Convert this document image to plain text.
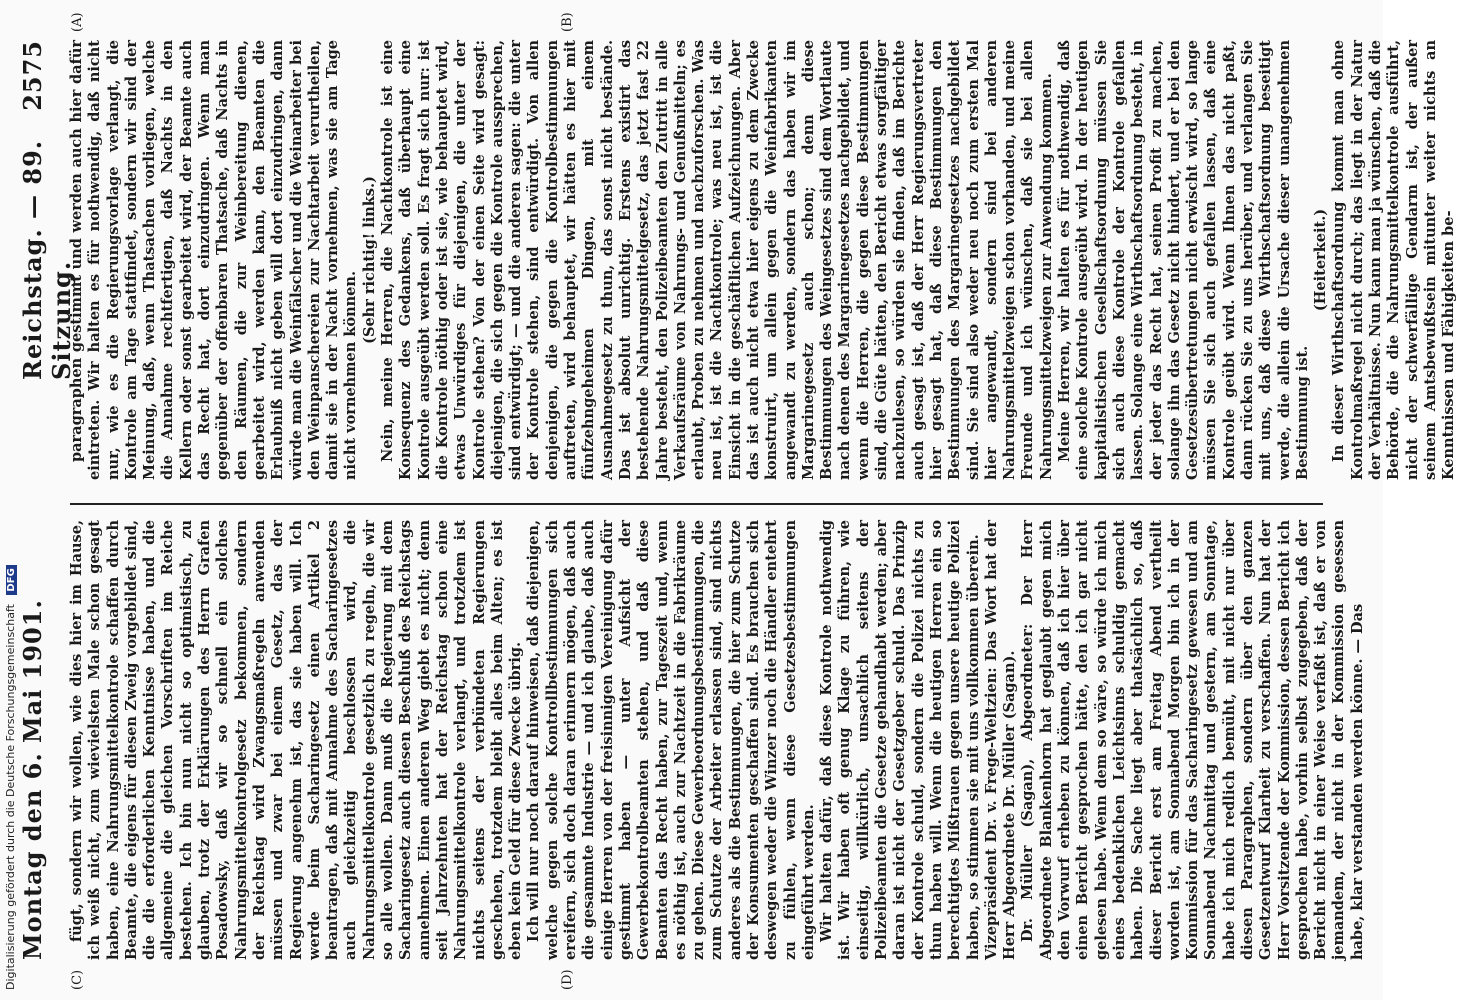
Montag den 6. Mai 1901.
Reichstag. — 89. Sitzung.
2575
(C)	(D)
(A)	(B)

fügt, sondern wir wollen, wie dies hier im Hause, ich weiß nicht, zum wievielsten Male schon gesagt haben, eine Nahrungsmittelkontrole schaffen durch Beamte, die eigens für diesen Zweig vorgebildet sind, die die erforderlichen Kenntnisse haben, und die allgemeine die gleichen Vorschriften im Reiche bestehen. Ich bin nun nicht so optimistisch, zu glauben, trotz der Erklärungen des Herrn Grafen Posadowsky, daß wir so schnell ein solches Nahrungsmittelkontrolgesetz bekommen, sondern der Reichstag wird Zwangsmaßregeln anwenden müssen und zwar bei einem Gesetz, das der Regierung angenehm ist, das sie haben will. Ich werde beim Sacharingesetz einen Artikel 2 beantragen, daß mit Annahme des Sacharingesetzes auch gleichzeitig beschlossen wird, die Nahrungsmittelkontrole gesetzlich zu regeln, die wir so alle wollen. Dann muß die Regierung mit dem Sacharingesetz auch diesen Beschluß des Reichstags annehmen. Einen anderen Weg giebt es nicht; denn seit Jahrzehnten hat der Reichstag schon eine Nahrungsmittelkontrole verlangt, und trotzdem ist nichts seitens der verbündeten Regierungen geschehen, trotzdem bleibt alles beim Alten; es ist eben kein Geld für diese Zwecke übrig. Ich will nur noch darauf hinweisen, daß diejenigen, welche gegen solche Kontrollbestimmungen sich ereifern, sich doch daran erinnern mögen, daß auch die gesammte Industrie — und ich glaube, daß auch einige Herren von der freisinnigen Vereinigung dafür gestimmt haben — unter Aufsicht der Gewerbekontrolbeamten stehen, und daß diese Beamten das Recht haben, zur Tageszeit und, wenn es nöthig ist, auch zur Nachtzeit in die Fabrikräume zu gehen. Diese Gewerbeordnungsbestimmungen, die zum Schutze der Arbeiter erlassen sind, sind nichts anderes als die Bestimmungen, die hier zum Schutze der Konsumenten geschaffen sind. Es brauchen sich deswegen weder die Winzer noch die Händler entehrt zu fühlen, wenn diese Gesetzesbestimmungen eingeführt werden. Wir halten dafür, daß diese Kontrole nothwendig ist. Wir haben oft genug Klage zu führen, wie einseitig, willkürlich, unsachlich seitens der Polizeibeamten die Gesetze gehandhabt werden; aber daran ist nicht der Gesetzgeber schuld. Das Prinzip der Kontrole schuld, sondern die Polizei nichts zu thun haben will. Wenn die heutigen Herren ein so berechtigtes Mißtrauen gegen unsere heutige Polizei haben, so stimmen sie mit uns vollkommen überein. Vizepräsident Dr. v. Frege-Weltzien: Das Wort hat der Herr Abgeordnete Dr. Müller (Sagan). Dr. Müller (Sagan), Abgeordneter: Der Herr Abgeordnete Blankenhorn hat geglaubt gegen mich den Vorwurf erheben zu können, daß ich hier über einen Bericht gesprochen hätte, den ich gar nicht gelesen habe. Wenn dem so wäre, so würde ich mich eines bedenklichen Leichtsinns schuldig gemacht haben. Die Sache liegt aber thatsächlich so, daß dieser Bericht erst am Freitag Abend vertheilt worden ist, am Sonnabend Morgen bin ich in der Kommission für das Sacharingesetz gewesen und am Sonnabend Nachmittag und gestern, am Sonntage, habe ich mich redlich bemüht, mit nicht nur über diesen Paragraphen, sondern über den ganzen Gesetzentwurf Klarheit zu verschaffen. Nun hat der Herr Vorsitzende der Kommission, dessen Bericht ich gesprochen habe, vorhin selbst zugegeben, daß der Bericht nicht in einer Weise verfaßt ist, daß er von jemandem, der nicht in der Kommission gesessen habe, klar verstanden werden könne. — Das

paragraphen gestimmt und werden auch hier dafür eintreten. Wir halten es für nothwendig, daß nicht nur, wie es die Regierungsvorlage verlangt, die Kontrole am Tage stattfindet, sondern wir sind der Meinung, daß, wenn Thatsachen vorliegen, welche die Annahme rechtfertigen, daß Nachts in den Kellern oder sonst gearbeitet wird, der Beamte auch das Recht hat, dort einzudringen. Wenn man gegenüber der offenbaren Thatsache, daß Nachts in den Räumen, die zur Weinbereitung dienen, gearbeitet wird, werden kann, den Beamten die Erlaubniß nicht geben will dort einzudringen, dann würde man die Weinfälscher und die Weinarbeiter bei den Weinpanschereien zur Nachtarbeit verurtheilen, damit sie in der Nacht vornehmen, was sie am Tage nicht vornehmen können.

(Sehr richtig! links.) Nein, meine Herren, die Nachtkontrole ist eine Konsequenz des Gedankens, daß überhaupt eine Kontrole ausgeübt werden soll. Es fragt sich nur: ist die Kontrole nöthig oder ist sie, wie behauptet wird, etwas Unwürdiges für diejenigen, die unter der Kontrole stehen? Von der einen Seite wird gesagt: diejenigen, die sich gegen die Kontrole aussprechen, sind entwürdigt; — und die anderen sagen: die unter der Kontrole stehen, sind entwürdigt. Von allen denjenigen, die gegen die Kontrolbestimmungen auftreten, wird behauptet, wir hätten es hier mit fünfzehngeheimen Dingen, mit einem Ausnahmegesetz zu thun, das sonst nicht bestände. Das ist absolut unrichtig. Erstens existirt das bestehende Nahrungsmittelgesetz, das jetzt fast 22 Jahre besteht, den Polizeibeamten den Zutritt in alle Verkaufsräume von Nahrungs- und Genußmitteln; es erlaubt, Proben zu nehmen und nachzuforschen. Was neu ist, ist die Nachtkontrole; was neu ist, ist die Einsicht in die geschäftlichen Aufzeichnungen. Aber das ist auch nicht etwa hier eigens zu dem Zwecke konstruirt, um allein gegen die Weinfabrikanten angewandt zu werden, sondern das haben wir im Margarinegesetz auch schon; denn diese Bestimmungen des Weingesetzes sind dem Wortlaute nach denen des Margarinegesetzes nachgebildet, und wenn die Herren, die gegen diese Bestimmungen sind, die Güte hätten, den Bericht etwas sorgfältiger nachzulesen, so würden sie finden, daß im Berichte auch gesagt ist, daß der Herr Regierungsvertreter hier gesagt hat, daß diese Bestimmungen den Bestimmungen des Margarinegesetzes nachgebildet sind. Sie sind also weder neu noch zum ersten Mal hier angewandt, sondern sind bei anderen Nahrungsmittelzweigen schon vorhanden, und meine Freunde und ich wünschen, daß sie bei allen Nahrungsmittelzweigen zur Anwendung kommen. Meine Herren, wir halten es für nothwendig, daß eine solche Kontrole ausgeübt wird. In der heutigen kapitalistischen Gesellschaftsordnung müssen Sie sich auch diese Kontrole der Kontrole gefallen lassen. Solange eine Wirthschaftsordnung besteht, in der jeder das Recht hat, seinen Profit zu machen, solange ihn das Gesetz nicht hindert, und er bei den Gesetzesübertretungen nicht erwischt wird, so lange müssen Sie sich auch gefallen lassen, daß eine Kontrole geübt wird. Wenn Ihnen das nicht paßt, dann rücken Sie zu uns herüber, und verlangen Sie mit uns, daß diese Wirthschaftsordnung beseitigt werde, die allein die Ursache dieser unangenehmen Bestimmung ist.

(Heiterkeit.) In dieser Wirthschaftsordnung kommt man ohne Kontrolmaßregel nicht durch; das liegt in der Natur der Verhältnisse. Nun kann man ja wünschen, daß die Behörde, die die Nahrungsmittelkontrole ausführt, nicht der schwerfällige Gendarm ist, der außer seinem Amtsbewußtsein mitunter weiter nichts an Kenntnissen und Fähigkeiten be-

Digitalisierung gefördert durch die Deutsche Forschungsgemeinschaft DFG
